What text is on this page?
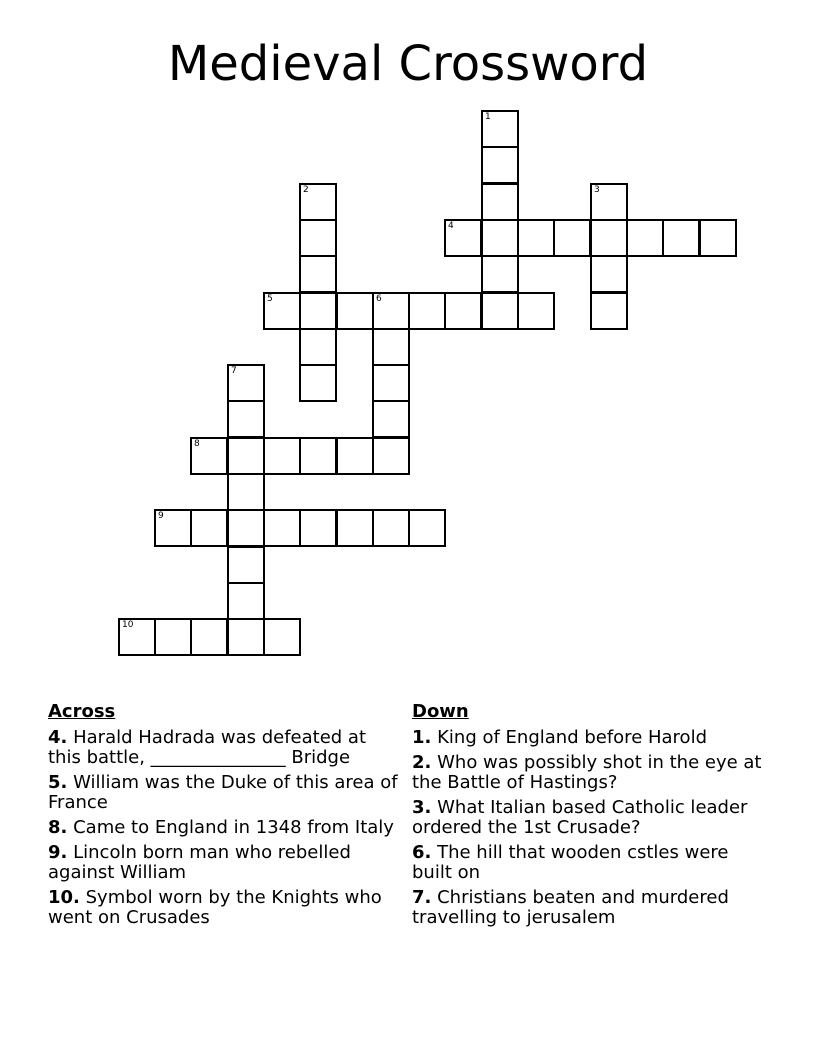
Medieval Crossword
1
2	3
4
5	6
7
8
9
10
Across
4. Harald Hadrada was defeated at this battle, _______________ Bridge
5. William was the Duke of this area of France
8. Came to England in 1348 from Italy
9. Lincoln born man who rebelled against William
10. Symbol worn by the Knights who went on Crusades
Down
1. King of England before Harold
2. Who was possibly shot in the eye at the Battle of Hastings?
3. What Italian based Catholic leader ordered the 1st Crusade?
6. The hill that wooden cstles were built on
7. Christians beaten and murdered travelling to jerusalem
